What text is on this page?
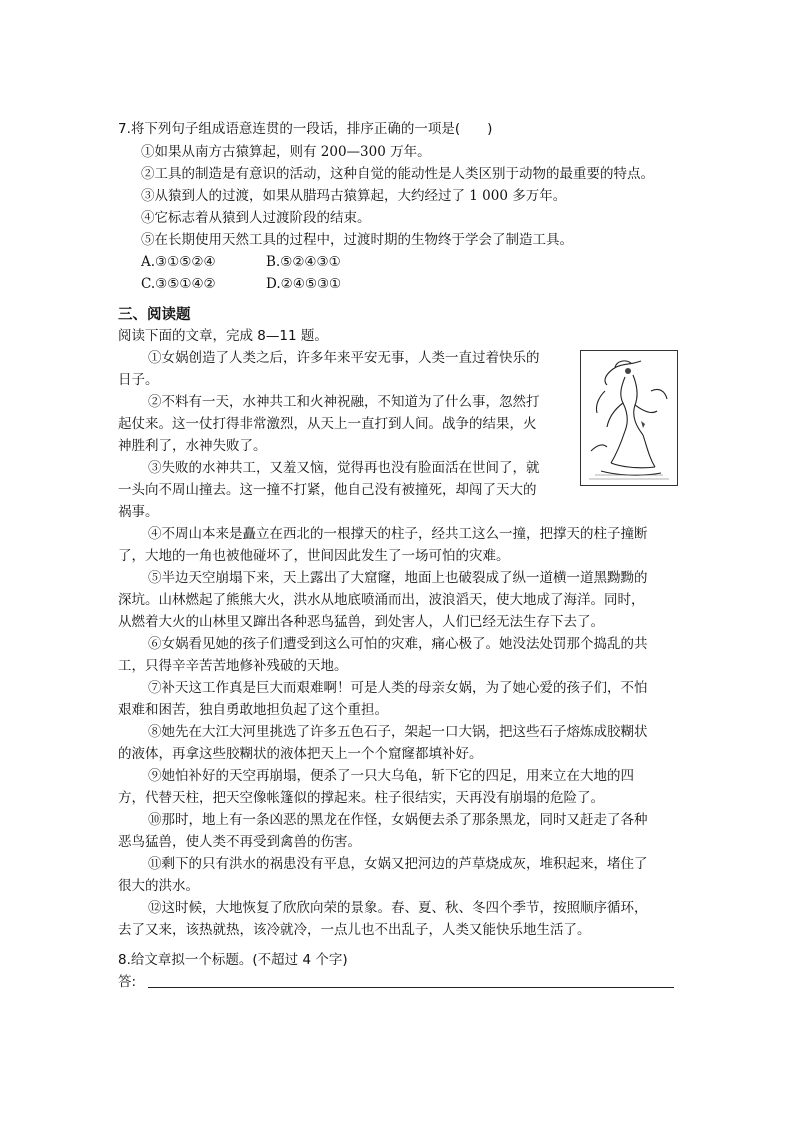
7.将下列句子组成语意连贯的一段话，排序正确的一项是(　　)
①如果从南方古猿算起，则有 200—300 万年。
②工具的制造是有意识的活动，这种自觉的能动性是人类区别于动物的最重要的特点。
③从猿到人的过渡，如果从腊玛古猿算起，大约经过了 1 000 多万年。
④它标志着从猿到人过渡阶段的结束。
⑤在长期使用天然工具的过程中，过渡时期的生物终于学会了制造工具。
A.③①⑤②④	B.⑤②④③①
C.③⑤①④②	D.②④⑤③①
三、阅读题
阅读下面的文章，完成 8—11 题。
①女娲创造了人类之后，许多年来平安无事，人类一直过着快乐的
日子。
②不料有一天，水神共工和火神祝融，不知道为了什么事，忽然打
起仗来。这一仗打得非常激烈，从天上一直打到人间。战争的结果，火
神胜利了，水神失败了。
③失败的水神共工，又羞又恼，觉得再也没有脸面活在世间了，就
一头向不周山撞去。这一撞不打紧，他自己没有被撞死，却闯了天大的
祸事。
④不周山本来是矗立在西北的一根撑天的柱子，经共工这么一撞，把撑天的柱子撞断
了，大地的一角也被他碰坏了，世间因此发生了一场可怕的灾难。
⑤半边天空崩塌下来，天上露出了大窟窿，地面上也破裂成了纵一道横一道黑黝黝的
深坑。山林燃起了熊熊大火，洪水从地底喷涌而出，波浪滔天，使大地成了海洋。同时，
从燃着大火的山林里又蹿出各种恶鸟猛兽，到处害人，人们已经无法生存下去了。
⑥女娲看见她的孩子们遭受到这么可怕的灾难，痛心极了。她没法处罚那个捣乱的共
工，只得辛辛苦苦地修补残破的天地。
⑦补天这工作真是巨大而艰难啊！可是人类的母亲女娲，为了她心爱的孩子们，不怕
艰难和困苦，独自勇敢地担负起了这个重担。
⑧她先在大江大河里挑选了许多五色石子，架起一口大锅，把这些石子熔炼成胶糊状
的液体，再拿这些胶糊状的液体把天上一个个窟窿都填补好。
⑨她怕补好的天空再崩塌，便杀了一只大乌龟，斩下它的四足，用来立在大地的四
方，代替天柱，把天空像帐篷似的撑起来。柱子很结实，天再没有崩塌的危险了。
⑩那时，地上有一条凶恶的黑龙在作怪，女娲便去杀了那条黑龙，同时又赶走了各种
恶鸟猛兽，使人类不再受到禽兽的伤害。
⑪剩下的只有洪水的祸患没有平息，女娲又把河边的芦草烧成灰，堆积起来，堵住了
很大的洪水。
⑫这时候，大地恢复了欣欣向荣的景象。春、夏、秋、冬四个季节，按照顺序循环，
去了又来，该热就热，该冷就冷，一点儿也不出乱子，人类又能快乐地生活了。
8.给文章拟一个标题。(不超过 4 个字)
答:
